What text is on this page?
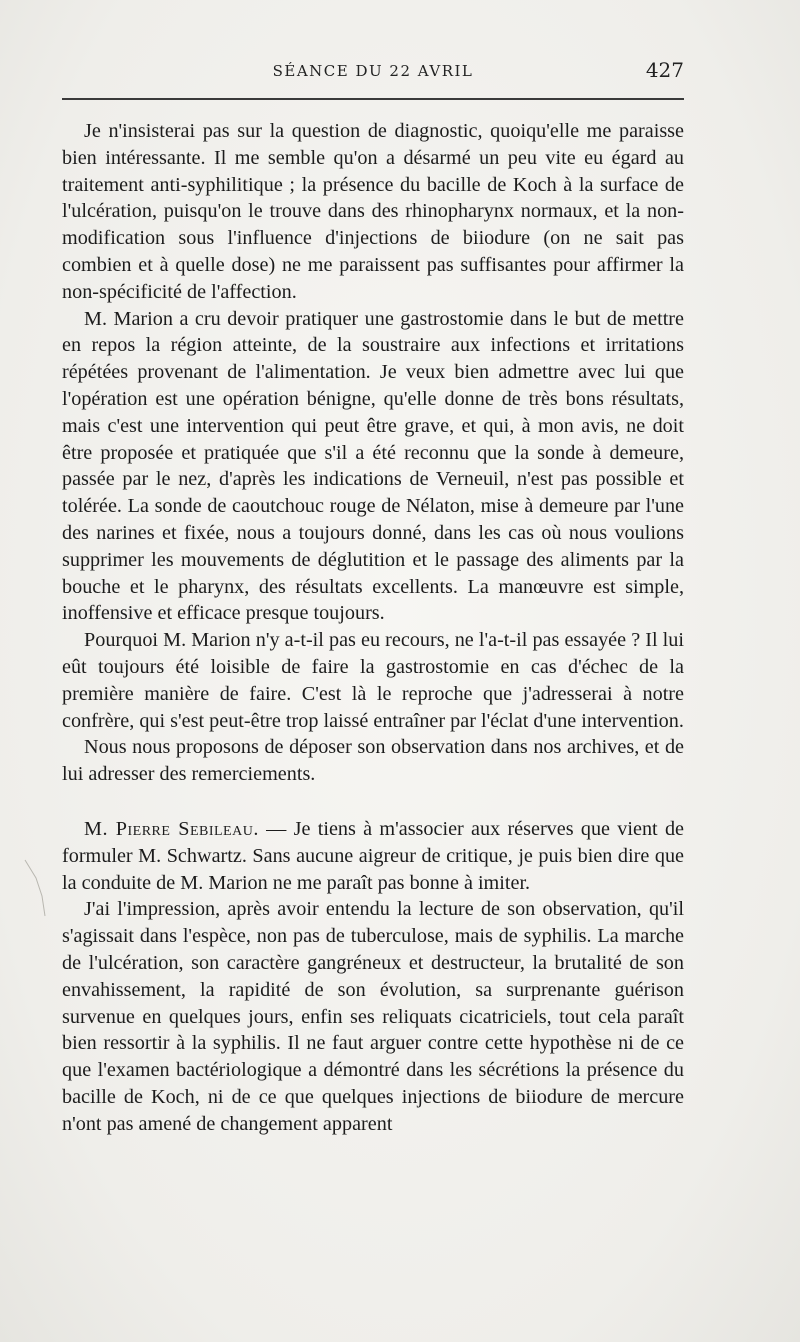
SÉANCE DU 22 AVRIL	427

Je n'insisterai pas sur la question de diagnostic, quoiqu'elle me paraisse bien intéressante. Il me semble qu'on a désarmé un peu vite eu égard au traitement anti-syphilitique ; la présence du bacille de Koch à la surface de l'ulcération, puisqu'on le trouve dans des rhinopharynx normaux, et la non-modification sous l'influence d'injections de biiodure (on ne sait pas combien et à quelle dose) ne me paraissent pas suffisantes pour affirmer la non-spécificité de l'affection.

M. Marion a cru devoir pratiquer une gastrostomie dans le but de mettre en repos la région atteinte, de la soustraire aux infections et irritations répétées provenant de l'alimentation. Je veux bien admettre avec lui que l'opération est une opération bénigne, qu'elle donne de très bons résultats, mais c'est une intervention qui peut être grave, et qui, à mon avis, ne doit être proposée et pratiquée que s'il a été reconnu que la sonde à demeure, passée par le nez, d'après les indications de Verneuil, n'est pas possible et tolérée. La sonde de caoutchouc rouge de Nélaton, mise à demeure par l'une des narines et fixée, nous a toujours donné, dans les cas où nous voulions supprimer les mouvements de déglutition et le passage des aliments par la bouche et le pharynx, des résultats excellents. La manœuvre est simple, inoffensive et efficace presque toujours.

Pourquoi M. Marion n'y a-t-il pas eu recours, ne l'a-t-il pas essayée ? Il lui eût toujours été loisible de faire la gastrostomie en cas d'échec de la première manière de faire. C'est là le reproche que j'adresserai à notre confrère, qui s'est peut-être trop laissé entraîner par l'éclat d'une intervention.

Nous nous proposons de déposer son observation dans nos archives, et de lui adresser des remerciements.

M. Pierre Sebileau. — Je tiens à m'associer aux réserves que vient de formuler M. Schwartz. Sans aucune aigreur de critique, je puis bien dire que la conduite de M. Marion ne me paraît pas bonne à imiter.

J'ai l'impression, après avoir entendu la lecture de son observation, qu'il s'agissait dans l'espèce, non pas de tuberculose, mais de syphilis. La marche de l'ulcération, son caractère gangréneux et destructeur, la brutalité de son envahissement, la rapidité de son évolution, sa surprenante guérison survenue en quelques jours, enfin ses reliquats cicatriciels, tout cela paraît bien ressortir à la syphilis. Il ne faut arguer contre cette hypothèse ni de ce que l'examen bactériologique a démontré dans les sécrétions la présence du bacille de Koch, ni de ce que quelques injections de biiodure de mercure n'ont pas amené de changement apparent
